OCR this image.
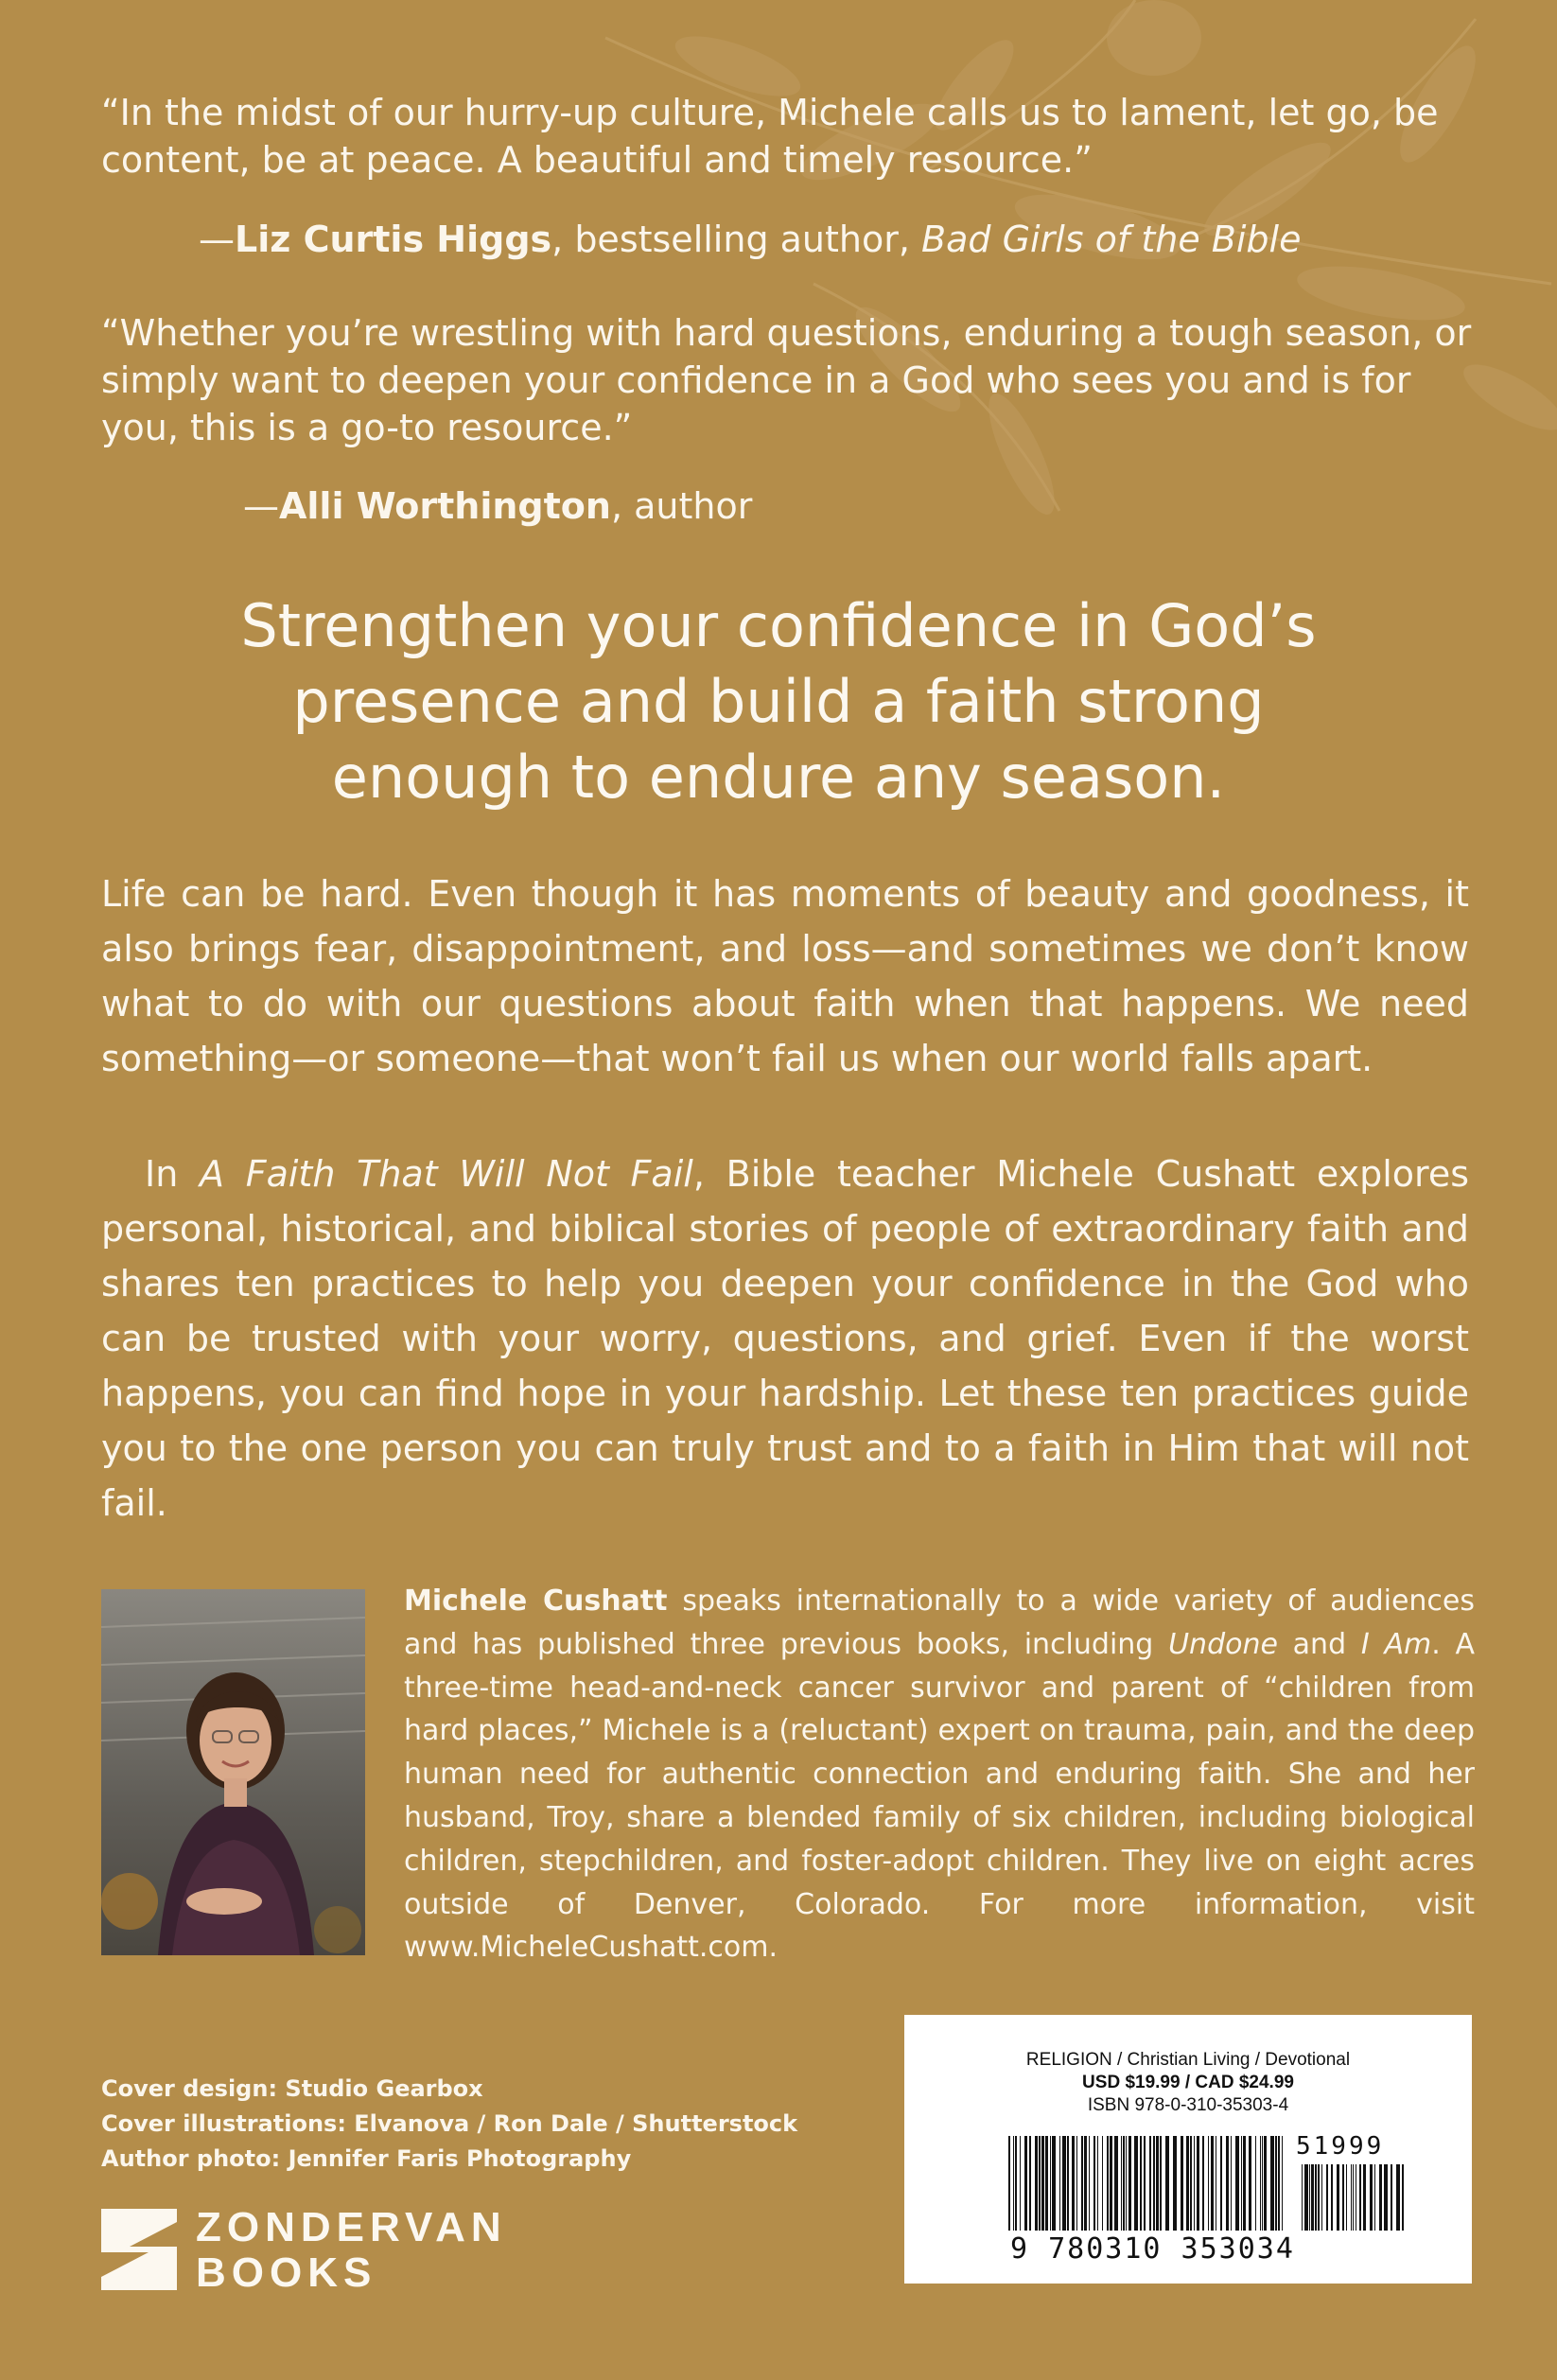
“In the midst of our hurry-up culture, Michele calls us to lament, let go, be content, be at peace. A beautiful and timely resource.”
—Liz Curtis Higgs, bestselling author, Bad Girls of the Bible
“Whether you’re wrestling with hard questions, enduring a tough season, or simply want to deepen your confidence in a God who sees you and is for you, this is a go-to resource.”
—Alli Worthington, author
Strengthen your confidence in God’s
presence and build a faith strong
enough to endure any season.
Life can be hard. Even though it has moments of beauty and goodness, it also brings fear, disappointment, and loss—and sometimes we don’t know what to do with our questions about faith when that happens. We need something—or someone—that won’t fail us when our world falls apart.
In A Faith That Will Not Fail, Bible teacher Michele Cushatt explores personal, historical, and biblical stories of people of extraordinary faith and shares ten practices to help you deepen your confidence in the God who can be trusted with your worry, questions, and grief. Even if the worst happens, you can find hope in your hardship. Let these ten practices guide you to the one person you can truly trust and to a faith in Him that will not fail.
Michele Cushatt speaks internationally to a wide variety of audiences and has published three previous books, including Undone and I Am. A three-time head-and-neck cancer survivor and parent of “children from hard places,” Michele is a (reluctant) expert on trauma, pain, and the deep human need for authentic connection and enduring faith. She and her husband, Troy, share a blended family of six children, including biological children, stepchildren, and foster-adopt children. They live on eight acres outside of Denver, Colorado. For more information, visit www.MicheleCushatt.com.
Cover design: Studio Gearbox
Cover illustrations: Elvanova / Ron Dale / Shutterstock
Author photo: Jennifer Faris Photography
ZONDERVAN
BOOKS
RELIGION / Christian Living / Devotional
USD $19.99 / CAD $24.99
ISBN 978-0-310-35303-4
51999
9 780310 353034
